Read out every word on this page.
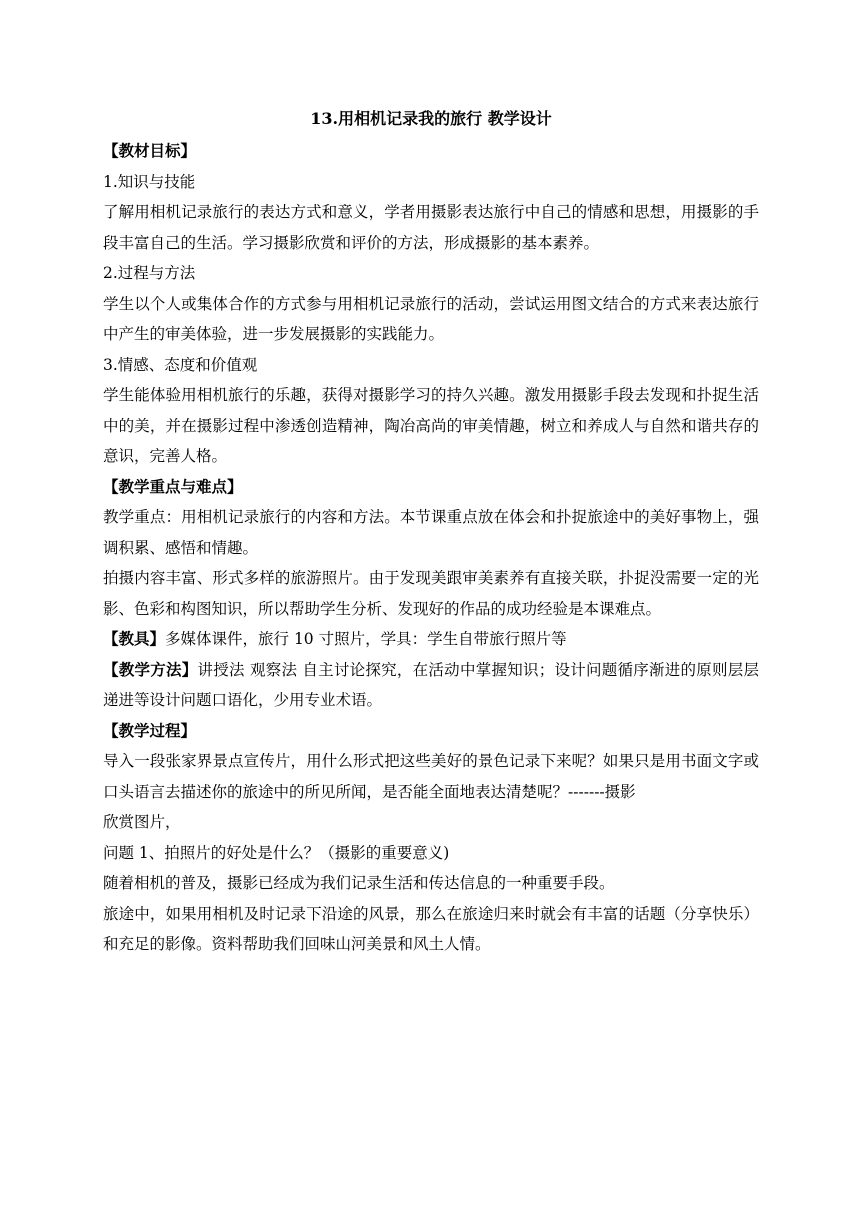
13.用相机记录我的旅行 教学设计

【教材目标】

1.知识与技能

了解用相机记录旅行的表达方式和意义，学者用摄影表达旅行中自己的情感和思想，用摄影的手段丰富自己的生活。学习摄影欣赏和评价的方法，形成摄影的基本素养。

2.过程与方法

学生以个人或集体合作的方式参与用相机记录旅行的活动，尝试运用图文结合的方式来表达旅行中产生的审美体验，进一步发展摄影的实践能力。

3.情感、态度和价值观

学生能体验用相机旅行的乐趣，获得对摄影学习的持久兴趣。激发用摄影手段去发现和扑捉生活中的美，并在摄影过程中渗透创造精神，陶冶高尚的审美情趣，树立和养成人与自然和谐共存的意识，完善人格。

【教学重点与难点】

教学重点：用相机记录旅行的内容和方法。本节课重点放在体会和扑捉旅途中的美好事物上，强调积累、感悟和情趣。

拍摄内容丰富、形式多样的旅游照片。由于发现美跟审美素养有直接关联，扑捉没需要一定的光影、色彩和构图知识，所以帮助学生分析、发现好的作品的成功经验是本课难点。

【教具】多媒体课件，旅行 10 寸照片，学具：学生自带旅行照片等

【教学方法】讲授法 观察法 自主讨论探究，在活动中掌握知识；设计问题循序渐进的原则层层递进等设计问题口语化，少用专业术语。

【教学过程】

导入一段张家界景点宣传片，用什么形式把这些美好的景色记录下来呢？如果只是用书面文字或口头语言去描述你的旅途中的所见所闻，是否能全面地表达清楚呢？-------摄影

欣赏图片，

问题 1、拍照片的好处是什么？（摄影的重要意义)

随着相机的普及，摄影已经成为我们记录生活和传达信息的一种重要手段。

旅途中，如果用相机及时记录下沿途的风景，那么在旅途归来时就会有丰富的话题（分享快乐）和充足的影像。资料帮助我们回味山河美景和风土人情。
